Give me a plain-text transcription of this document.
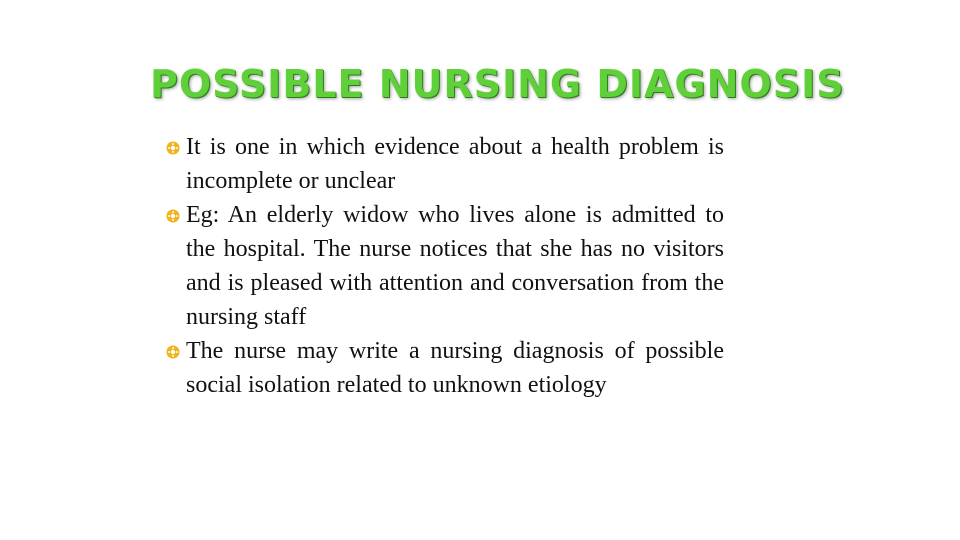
POSSIBLE NURSING DIAGNOSIS
It is one in which evidence about a health problem is incomplete or unclear
Eg: An elderly widow who lives alone is admitted to the hospital. The nurse notices that she has no visitors and is pleased with attention and conversation from the nursing staff
The nurse may write a nursing diagnosis of possible social isolation related to unknown etiology
